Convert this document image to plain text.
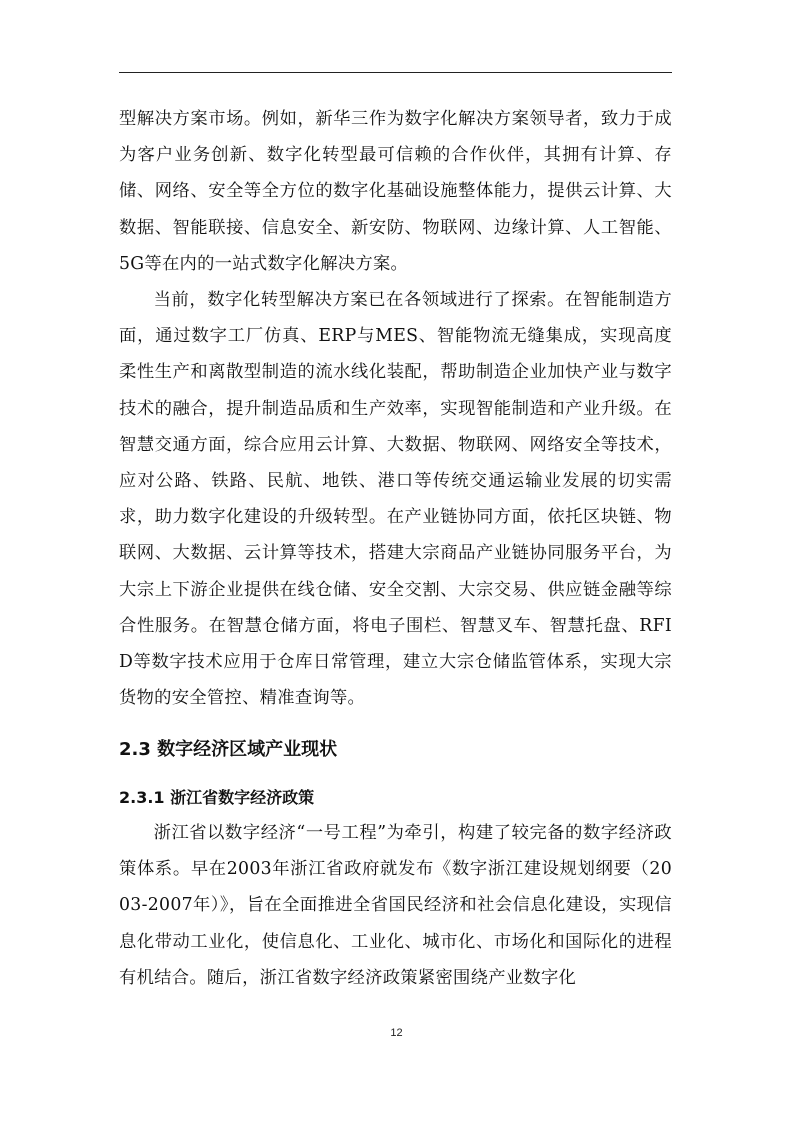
型解决方案市场。例如，新华三作为数字化解决方案领导者，致力于成为客户业务创新、数字化转型最可信赖的合作伙伴，其拥有计算、存储、网络、安全等全方位的数字化基础设施整体能力，提供云计算、大数据、智能联接、信息安全、新安防、物联网、边缘计算、人工智能、5G等在内的一站式数字化解决方案。

当前，数字化转型解决方案已在各领域进行了探索。在智能制造方面，通过数字工厂仿真、ERP与MES、智能物流无缝集成，实现高度柔性生产和离散型制造的流水线化装配，帮助制造企业加快产业与数字技术的融合，提升制造品质和生产效率，实现智能制造和产业升级。在智慧交通方面，综合应用云计算、大数据、物联网、网络安全等技术，应对公路、铁路、民航、地铁、港口等传统交通运输业发展的切实需求，助力数字化建设的升级转型。在产业链协同方面，依托区块链、物联网、大数据、云计算等技术，搭建大宗商品产业链协同服务平台，为大宗上下游企业提供在线仓储、安全交割、大宗交易、供应链金融等综合性服务。在智慧仓储方面，将电子围栏、智慧叉车、智慧托盘、RFID等数字技术应用于仓库日常管理，建立大宗仓储监管体系，实现大宗货物的安全管控、精准查询等。

2.3 数字经济区域产业现状
2.3.1 浙江省数字经济政策

浙江省以数字经济“一号工程”为牵引，构建了较完备的数字经济政策体系。早在2003年浙江省政府就发布《数字浙江建设规划纲要（2003-2007年）》，旨在全面推进全省国民经济和社会信息化建设，实现信息化带动工业化，使信息化、工业化、城市化、市场化和国际化的进程有机结合。随后，浙江省数字经济政策紧密围绕产业数字化

12
